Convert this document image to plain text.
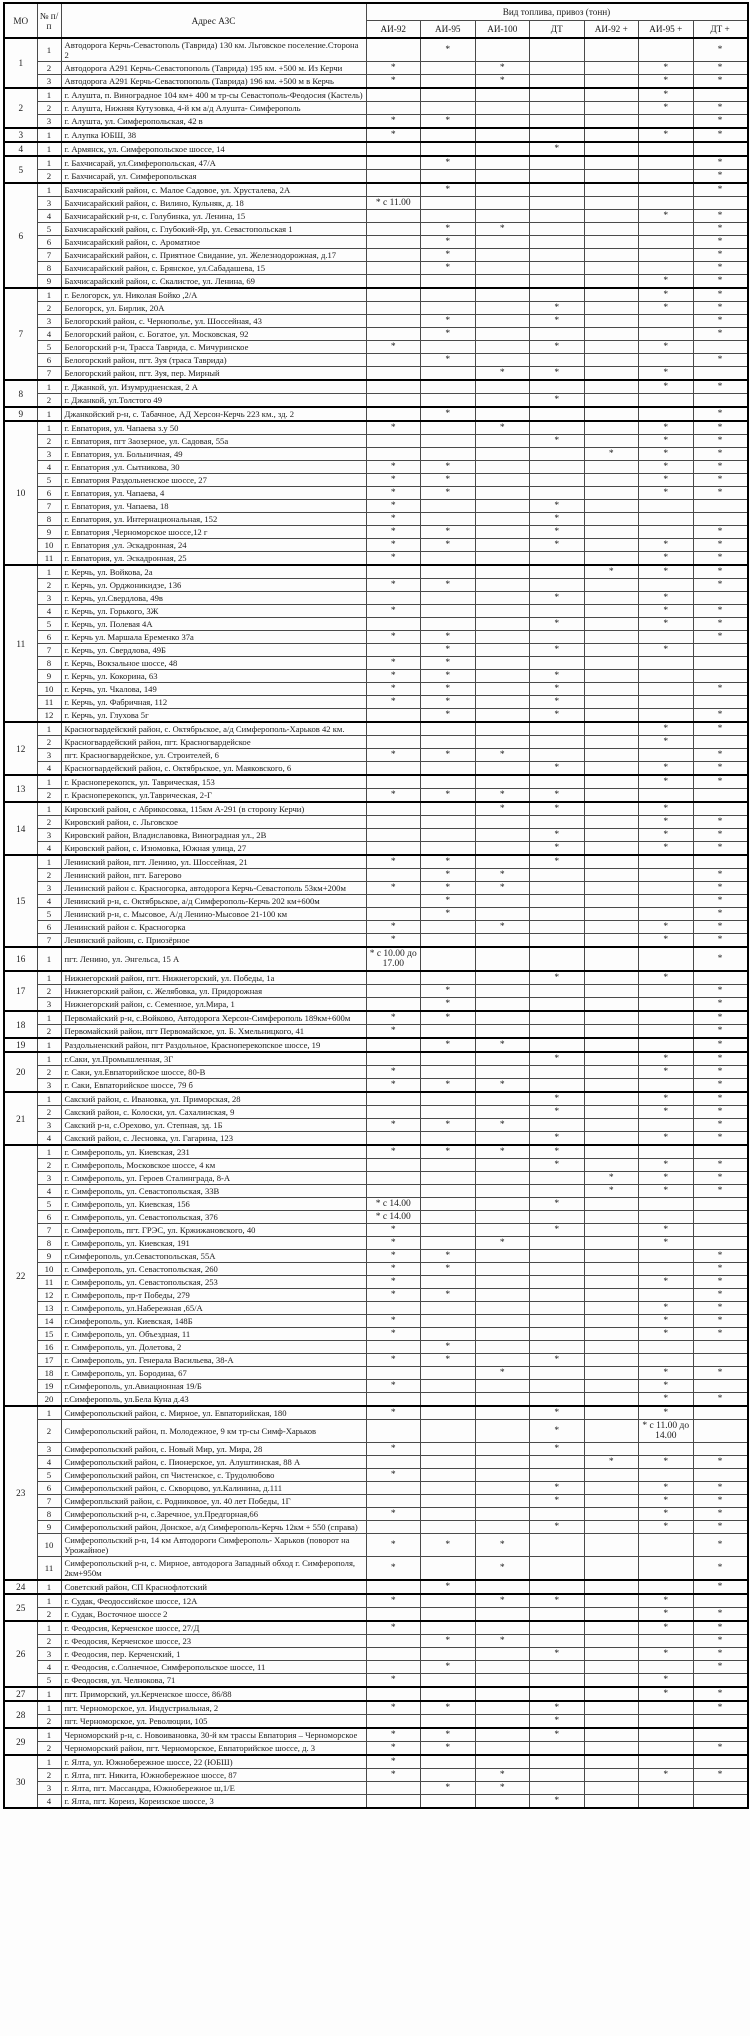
МО	№ п/п	Адрес АЗС	Вид топлива, привоз (тонн)						
			АИ-92	АИ-95	АИ-100	ДТ	АИ-92 +	АИ-95 +	ДТ +
1	1	Автодорога Керчь-Севастополь (Таврида) 130 км. Льговское поселение.Сторона 2		*					*
	2	Автодорога А291 Керчь-Севастопополь (Таврида) 195 км. +500 м. Из Керчи	*		*			*	*
	3	Автодорога А291 Керчь-Севастопополь (Таврида) 196 км. +500 м в Керчь	*		*			*	*
2	1	г. Алушта, п. Виноградное 104 км+ 400 м тр-сы Севастополь-Феодосия (Кастель)						*	
	2	г. Алушта, Нижняя Кутузовка, 4-й км а/д Алушта- Симферополь						*	*
	3	г. Алушта, ул. Симферопольская, 42 в	*	*					*
3	1	г. Алупка ЮБШ, 38	*					*	*
4	1	г. Армянск, ул. Симферопольское шоссе, 14				*			
5	1	г. Бахчисарай, ул.Симферопольская, 47/А		*					*
	2	г. Бахчисарай, ул. Симферопольская							*
6	1	Бахчисарайский район, с. Малое Садовое, ул. Хрусталева, 2А		*					*
	3	Бахчисарайский район, с. Вилино, Кульняк, д. 18	* с 11.00						
	4	Бахчисарайский р-н, с. Голубинка, ул. Ленина, 15						*	*
	5	Бахчисарайский район, с. Глубокий-Яр, ул. Севастопольская 1		*	*				*
	6	Бахчисарайский район, с. Ароматное		*					*
	7	Бахчисарайский район, с. Приятное Свидание, ул. Железнодорожная, д.17		*					*
	8	Бахчисарайский район, с. Брянское, ул.Сабадашева, 15		*					*
	9	Бахчисарайский район, с. Скалистое, ул. Ленина, 69						*	*
7	1	г. Белогорск, ул. Николая Бойко ,2/А						*	*
	2	Белогорск, ул. Бирлик, 20А				*		*	*
	3	Белогорский район, с. Чернополье, ул. Шоссейная, 43		*		*			*
	4	Белогорский район, с. Богатое, ул. Московская, 92		*					*
	5	Белогорский р-н, Трасса Таврида, с. Мичуринское	*			*		*	
	6	Белогорский район, пгт. Зуя (траса Таврида)		*					*
	7	Белогорский район, пгт. Зуя, пер. Мирный			*	*		*	
8	1	г. Джанкой, ул. Изумрудненская, 2 А						*	*
	2	г. Джанкой, ул.Толстого 49				*			
9	1	Джанкойский р-н, с. Табачное, АД Херсон-Керчь 223 км., зд. 2		*					*
10	1	г. Евпатория, ул. Чапаева з.у 50	*		*			*	*
	2	г. Евпатория, пгт Заозерное, ул. Садовая, 55а				*		*	*
	3	г. Евпатория, ул. Больничная, 49					*	*	*
	4	г. Евпатория ,ул. Сытникова, 30	*	*				*	*
	5	г. Евпатория Раздольненское шоссе, 27	*	*				*	*
	6	г. Евпатория, ул. Чапаева, 4	*	*				*	*
	7	г. Евпатория, ул. Чапаева, 18	*			*			
	8	г. Евпатория, ул. Интернациональная, 152	*			*			
	9	г. Евпатория ,Черноморское шоссе,12 г	*	*		*			*
	10	г. Евпатория ,ул. Эскадронная, 24	*	*		*		*	*
	11	г. Евпатория, ул. Эскадронная, 25	*					*	*
11	1	г. Керчь, ул. Войкова, 2а					*	*	*
	2	г. Керчь, ул. Орджоникидзе, 136	*	*					*
	3	г. Керчь, ул.Свердлова, 49в				*		*	
	4	г. Керчь, ул. Горького, 3Ж	*					*	*
	5	г. Керчь, ул. Полевая 4А				*		*	*
	6	г. Керчь ул. Маршала Еременко 37а	*	*					*
	7	г. Керчь, ул. Свердлова, 49Б		*		*		*	
	8	г. Керчь, Вокзальное шоссе, 48	*	*					
	9	г. Керчь, ул. Кокорина, 63	*	*		*			
	10	г. Керчь, ул. Чкалова, 149	*	*		*			*
	11	г. Керчь, ул. Фабричная, 112	*	*		*			
	12	г. Керчь, ул. Глухова 5г		*		*			*
12	1	Красногвардейский район, с. Октябрьское, а/д Симферополь-Харьков 42 км.						*	*
	2	Красногвардейский район, пгт. Красногвардейское						*	
	3	пгт. Красногвардейское, ул. Строителей, 6	*	*	*				*
	4	Красногвардейский район, с. Октябрьское, ул. Маяковского, 6				*		*	*
13	1	г. Красноперекопск, ул. Таврическая, 153						*	*
	2	г. Красноперекопск, ул.Таврическая, 2-Г	*	*	*	*			
14	1	Кировский район, с Абрикосовка, 115км А-291 (в сторону Керчи)			*	*		*	
	2	Кировский район, с. Льговское						*	*
	3	Кировский район, Владиславовка, Виноградная ул., 2В				*		*	*
	4	Кировский район, с. Изюмовка, Южная улица, 27				*		*	*
15	1	Ленинский район, пгт. Ленино, ул. Шоссейная, 21	*	*		*			
	2	Ленинский район, пгт. Багерово		*	*				*
	3	Ленинский район с. Красногорка, автодорога Керчь-Севастополь 53км+200м	*	*	*				*
	4	Ленинский р-н, с. Октябрьское, а/д Симферополь-Керчь 202 км+600м		*					*
	5	Ленинский р-н, с. Мысовое, А/д Ленино-Мысовое 21-100 км		*					*
	6	Ленинский район с. Красногорка	*		*			*	*
	7	Ленинский районн, с. Приозёрное	*					*	*
16	1	пгт. Ленино, ул. Энгельса, 15 А	* с 10.00 до 17.00						*
17	1	Нижнегорский район, пгт. Нижнегорский, ул. Победы, 1а				*		*	
	2	Нижнегорский район, с. Желябовка, ул. Придорожная		*					*
	3	Нижнегорский район, с. Семенное, ул.Мира, 1		*					*
18	1	Первомайский р-н, с.Войково, Автодорога Херсон-Симферополь 189км+600м	*	*					*
	2	Первомайский район, пгт Первомайское, ул. Б. Хмельницкого, 41	*						*
19	1	Раздольненский район, пгт Раздольное, Красноперекопское шоссе, 19		*	*				*
20	1	г.Саки, ул.Промышленная, 3Г				*		*	*
	2	г. Саки, ул.Евпаторийское шоссе, 80-В	*					*	*
	3	г. Саки, Евпаторийское шоссе, 79 б	*	*	*				*
21	1	Сакский район, с. Ивановка, ул. Приморская, 28				*		*	*
	2	Сакский район, с. Колоски, ул. Сахалинская, 9				*		*	*
	3	Сакский р-н, с.Орехово, ул. Степная, зд. 1Б	*	*	*				*
	4	Сакский район, с. Лесновка, ул. Гагарина, 123				*		*	*
22	1	г. Симферополь, ул. Киевская, 231	*	*	*	*			
	2	г. Симферополь, Московское шоссе, 4 км				*		*	*
	3	г. Симферополь, ул. Героев Сталинграда, 8-А					*	*	*
	4	г. Симферополь, ул. Севастопольская, 33В					*	*	*
	5	г. Симферополь, ул. Киевская, 156	* с 14.00			*			
	6	г. Симферополь, ул. Севастопольская, 376	* с 14.00						
	7	г. Симферополь, пгт. ГРЭС, ул. Кржижановского, 40	*			*		*	
	8	г. Симферополь, ул. Киевская, 191	*		*			*	
	9	г.Симферополь, ул.Севастопольская, 55А	*	*					*
	10	г. Симферополь, ул. Севастопольская, 260	*	*					*
	11	г. Симферополь, ул. Севастопольская, 253	*					*	*
	12	г. Симферополь, пр-т Победы, 279	*	*					*
	13	г. Симферополь, ул.Набережная ,65/А						*	*
	14	г.Симферополь, ул. Киевская, 148Б	*					*	*
	15	г. Симферополь, ул. Объездная, 11	*					*	*
	16	г. Симферополь, ул. Долетова, 2		*					
	17	г. Симферополь, ул. Генерала Васильева, 38-А	*	*		*			
	18	г. Симферополь, ул. Бородина, 67			*			*	*
	19	г.Симферополь, ул.Авиационная 19/Б	*					*	
	20	г.Симферополь, ул.Бела Куна д.43						*	*
23	1	Симферопольский район, с. Мирное, ул. Евпаторийская, 180	*			*		*	
	2	Симферопольский район, п. Молодежное, 9 км тр-сы Симф-Харьков				*		* с 11.00 до 14.00	
	3	Симферопольский район, с. Новый Мир, ул. Мира, 28	*			*			
	4	Симферопольский район, с. Пионерское, ул. Алуштинская, 88 А					*	*	*
	5	Симферопольский район, сп Чистенское, с. Трудолюбово	*						
	6	Симферопольский район, с. Скворцово, ул.Калинина, д.111				*		*	*
	7	Симферопльский район, с. Родниковое, ул. 40 лет Победы, 1Г				*		*	*
	8	Симферопольский р-н, с.Заречное, ул.Предгорная,66	*					*	*
	9	Симферопольский район, Донское, а/д Симферополь-Керчь 12км + 550 (справа)				*		*	*
	10	Симферопольский р-н, 14 км Автодороги Симферополь- Харьков (поворот на Урожайное)	*	*	*				*
	11	Симферопольский р-н, с. Мирное, автодорога Западный обход г. Симферополя, 2км+950м	*		*				*
24	1	Советский район, СП Краснофлотский		*					*
25	1	г. Судак, Феодоссийское шоссе, 12А	*		*	*		*	
	2	г. Судак, Восточное шоссе 2						*	*
26	1	г. Феодосия, Керченское шоссе, 27/Д	*					*	*
	2	г. Феодосия, Керченское шоссе, 23		*	*				*
	3	г. Феодосия, пер. Керченский, 1				*		*	*
	4	г. Феодосия, с.Солнечное, Симферопольское шоссе, 11		*					*
	5	г. Феодосия, ул. Челнокова, 71	*					*	
27	1	пгт. Приморский, ул.Керченское шоссе, 86/88						*	*
28	1	пгт. Черноморское, ул. Индустриальная, 2	*	*		*			*
	2	пгт. Черноморское, ул. Революции, 105				*			
29	1	Черноморский р-н, с. Новоивановка, 30-й км трассы Евпатория – Черноморское	*	*		*			
	2	Черноморский район, пгт. Черноморское, Евпаторийское шоссе, д. 3	*	*					*
30	1	г. Ялта, ул. Южнобережное шоссе, 22 (ЮБШ)	*						
	2	г. Ялта, пгт. Никита, Южнобережное шоссе, 87	*		*			*	*
	3	г. Ялта, пгт. Массандра, Южнобережное ш,1/Е		*	*				
	4	г. Ялта, пгт. Кореиз, Кореизское шоссе, 3				*			
